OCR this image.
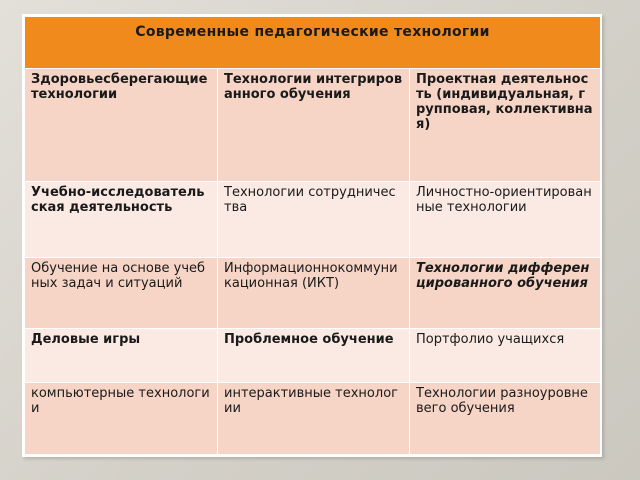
Современные педагогические технологии		
Здоровьесберегающие технологии	Технологии интегрированного обучения	Проектная деятельность (индивидуальная, групповая, коллективная)
Учебно-исследовательская деятельность	Технологии сотрудничества	Личностно-ориентированные технологии
Обучение на основе учебных задач и ситуаций	Информационнокоммуникационная (ИКТ)	Технологии дифференцированного обучения
Деловые игры	Проблемное обучение	Портфолио учащихся
компьютерные технологии	интерактивные технологии	Технологии разноуровневего обучения
